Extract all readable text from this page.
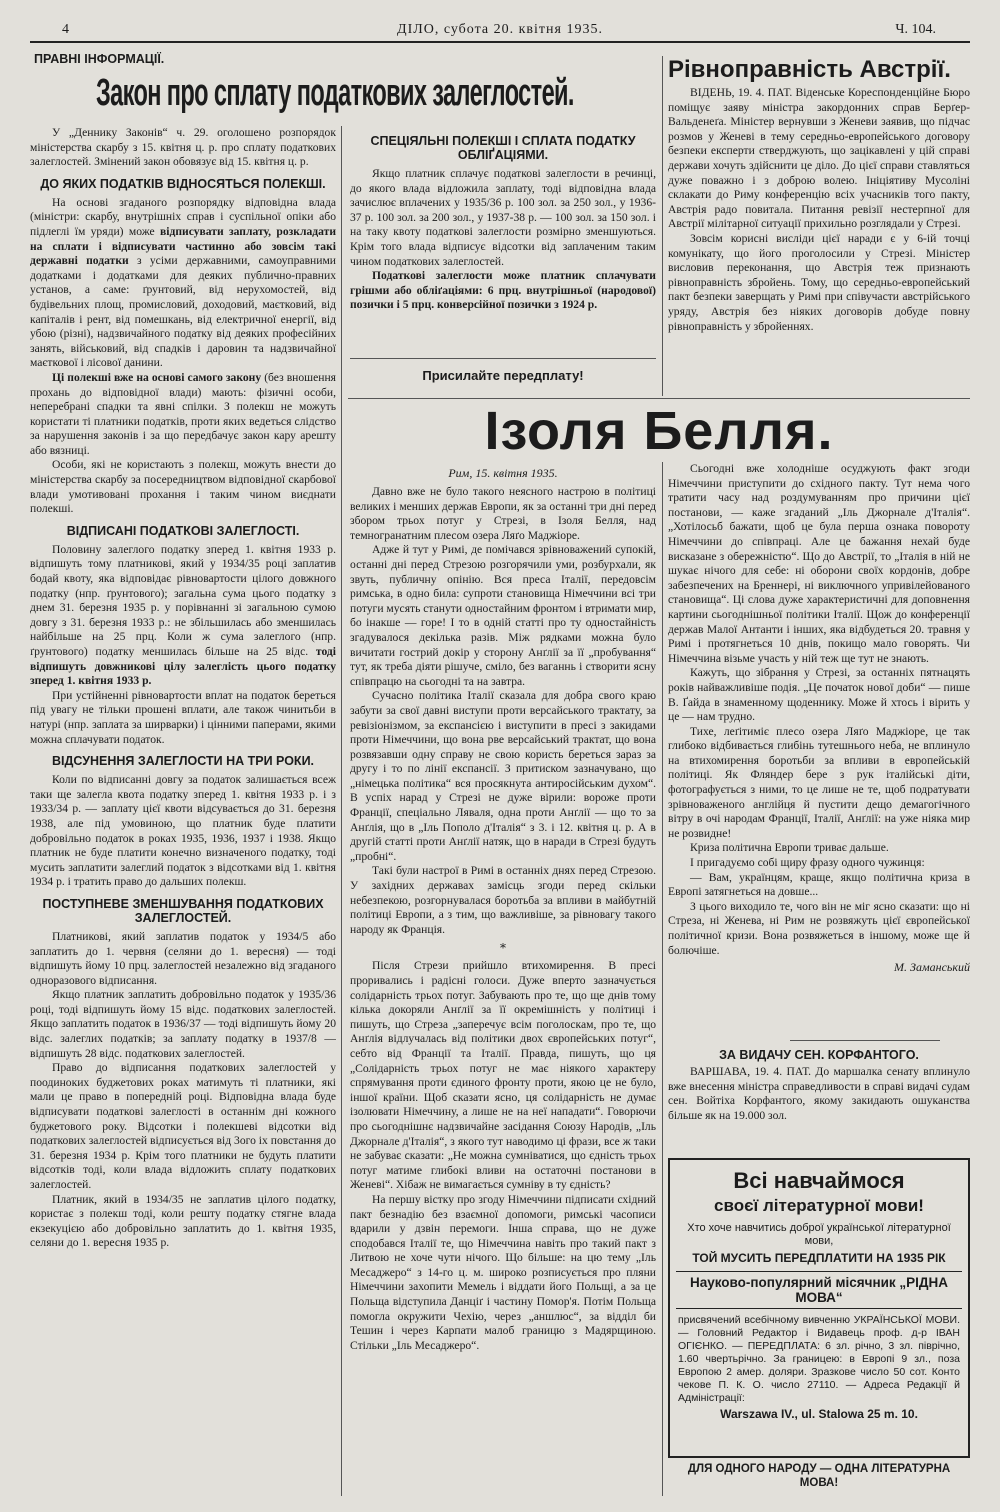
4	ДІЛО, субота 20. квітня 1935.	Ч. 104.
ПРАВНІ ІНФОРМАЦІЇ.
Закон про сплату податкових залеглостей.

У „Деннику Законів“ ч. 29. оголошено розпорядок міністерства скарбу з 15. квітня ц. р. про сплату податкових залеглостей. Змінений закон обовязує від 15. квітня ц. р.

ДО ЯКИХ ПОДАТКІВ ВІДНОСЯТЬСЯ ПОЛЕКШІ.

На основі згаданого розпорядку відповідна влада (міністри: скарбу, внутрішніх справ і суспільної опіки або підлеглі їм уряди) може відписувати заплату, розкладати на сплати і відписувати частинно або зовсім такі державні податки з усіми державними, самоуправними додатками і додатками для деяких публично-правних установ, а саме: ґрунтовий, від нерухомостей, від будівельних площ, промисловий, доходовий, маєтковий, від капіталів і рент, від помешкань, від електричної енергії, від убою (різні), надзвичайного податку від деяких професійних занять, військовий, від спадків і даровин та надзвичайної маєткової і лісової данини.

Ці полекші вже на основі самого закону (без вношення прохань до відповідної влади) мають: фізичні особи, неперебрані спадки та явні спілки. З полекш не можуть користати ті платники податків, проти яких ведеться слідство за нарушення законів і за що передбачує закон кару арешту або вязниці.

Особи, які не користають з полекш, можуть внести до міністерства скарбу за посередництвом відповідної скарбової влади умотивовані прохання і таким чином виєднати полекші.

ВІДПИСАНІ ПОДАТКОВІ ЗАЛЕГЛОСТІ.

Половину залеглого податку зперед 1. квітня 1933 р. відпишуть тому платникові, який у 1934/35 році заплатив бодай квоту, яка відповідає рівновартости цілого довжного податку (нпр. ґрунтового); загальна сума цього податку з днем 31. березня 1935 р. у порівнанні зі загальною сумою довгу з 31. березня 1933 р.: не збільшилась або зменшилась найбільше на 25 прц. Коли ж сума залеглого (нпр. ґрунтового) податку меншилась більше на 25 відс. тоді відпишуть довжникові цілу залеглість цього податку зперед 1. квітня 1933 р.

При устійненні рівновартости вплат на податок береться під увагу не тільки прошені вплати, але також чинитьби в натурі (нпр. заплата за ширварки) і цінними паперами, якими можна сплачувати податок.

ВІДСУНЕННЯ ЗАЛЕГЛОСТИ НА ТРИ РОКИ.

Коли по відписанні довгу за податок залишається всеж таки ще залегла квота податку зперед 1. квітня 1933 р. і з 1933/34 р. — заплату цієї квоти відсувається до 31. березня 1938, але під умовиною, що платник буде платити добровільно податок в роках 1935, 1936, 1937 і 1938. Якщо платник не буде платити конечно визначеного податку, тоді мусить заплатити залеглий податок з відсотками від 1. квітня 1934 р. і тратить право до дальших полекш.

ПОСТУПНЕВЕ ЗМЕНШУВАННЯ ПОДАТКОВИХ ЗАЛЕГЛОСТЕЙ.

Платникові, який заплатив податок у 1934/5 або заплатить до 1. червня (селяни до 1. вересня) — тоді відпишуть йому 10 прц. залеглостей незалежно від згаданого одноразового відписання.

Якщо платник заплатить добровільно податок у 1935/36 році, тоді відпишуть йому 15 відс. податкових залеглостей. Якщо заплатить податок в 1936/37 — тоді відпишуть йому 20 відс. залеглих податків; за заплату податку в 1937/8 — відпишуть 28 відс. податкових залеглостей.

Право до відписання податкових залеглостей у поодиноких буджетових роках матимуть ті платники, які мали це право в попередній році. Відповідна влада буде відписувати податкові залеглості в останнім дні кожного буджетового року. Відсотки і полекшеві відсотки від податкових залеглостей відписується від 3ого іх повстання до 31. березня 1934 р. Крім того платники не будуть платити відсотків тоді, коли влада вiдложить сплату податкових залеглостей.

Платник, який в 1934/35 не заплатив цілого податку, користає з полекш тоді, коли решту податку стягне влада екзекуцією або добровільно заплатить до 1. квітня 1935, селяни до 1. вересня 1935 р.

СПЕЦІЯЛЬНІ ПОЛЕКШІ І СПЛАТА ПОДАТКУ ОБЛІҐАЦІЯМИ.

Якщо платник сплачує податкові залеглости в речинці, до якого влада відложила заплату, тоді відповідна влада зачислює вплачених у 1935/36 р. 100 зол. за 250 зол., у 1936-37 р. 100 зол. за 200 зол., у 1937-38 р. — 100 зол. за 150 зол. і на таку квоту податкові залеглости розмірно зменшуються. Крім того влада відписує відсотки від заплаченим таким чином податкових залеглостей.

Податкові залеглости може платник сплачувати грішми або обліґаціями: 6 прц. внутрішньої (народової) позички і 5 прц. конверсійної позички з 1924 р.

Присилайте передплату!
Рівноправність Австрії.

ВІДЕНЬ, 19. 4. ПАТ. Віденське Кореспонденційне Бюро поміщує заяву міністра закордонних справ Берґер-Вальденеґа. Міністер вернувши з Женеви заявив, що підчас розмов у Женеві в тему середньо-европейського договору безпеки експерти стверджують, що зацікавлені у цій справі держави хочуть здійснити це діло. До цієї справи ставляться дуже поважно і з доброю волею. Ініціятиву Мусоліні склакати до Риму конференцію всіх учасників того пакту, Австрія радо повитала. Питання ревізії нестерпної для Австрії мілітарної ситуації прихильно розглядали у Стрезі.

Зовсім корисні висліди цієї наради є у 6-ій точці комунікату, що його проголосили у Стрезі. Міністер висловив переконання, що Австрія теж признають рівноправність збройень. Тому, що середньо-европейський пакт безпеки заверщать у Римі при співучасти австрійського уряду, Австрія без ніяких договорів добуде повну рівноправність у збройеннях.

Ізоля Белля.
Рим, 15. квітня 1935.

Давно вже не було такого неясного настрою в політиці великих і менших держав Европи, як за останні три дні перед збором трьох потуг у Стрезі, в Ізоля Белля, над темногранатним плесом озера Ляґо Маджіоре.

Адже й тут у Римі, де помічався зрівноважений супокій, останні дні перед Стрезою розгорячили уми, розбурхали, як звуть, публичну опінію. Вся преса Італії, передовсім римська, в одно била: супроти становища Німеччини всі три потуги мусять станути одностайним фронтом і втримати мир, бо інакше — горе! І то в одній статті про ту одностайність згадувалося декілька разів. Між рядками можна було вичитати гострий докір у сторону Анґлії за її „пробування“ тут, як треба діяти рішуче, сміло, без ваганнь і створити ясну співпрацю на сьогодні та на завтра.

Сучасно політика Італії сказала для добра свого краю забути за свої давні виступи проти версайського трактату, за ревізіонізмом, за експансією і виступити в пресі з закидами проти Німеччини, що вона рве версайський трактат, що вона розвязавши одну справу не свою користь береться зараз за другу і то по лінії експансії. З притиском зазначувано, що „німецька політика“ вся просякнута антиросійським духом“. В успіх нарад у Стрезі не дуже вірили: вороже проти Франції, спеціально Ляваля, одна проти Анґлії — що то за Анґлія, що в „Іль Пополо д'Італія“ з 3. і 12. квітня ц. р. А в другій статті проти Анґлії натяк, що в наради в Стрезі будуть „пробні“.

Такі були настрої в Римі в останніх днях перед Стрезою. У західних державах замісць згоди перед скільки небезпекою, розгорнувалася боротьба за впливи в майбутній політиці Европи, а з тим, що важливіше, за рівновагу такого народу як Франція.

*

Після Стрези прийшло втихомирення. В пресі проривались і радісні голоси. Дуже вперто зазначується солідарність трьох потуг. Забувають про те, що ще днів тому кілька докоряли Анґлії за її окремішність у політиці і пишуть, що Стреза „заперечує всім поголоскам, про те, що Анґлія відлучалась від політики двох європейських потуг“, себто від Франції та Італії. Правда, пишуть, що ця „Солідарність трьох потуг не має ніякого характеру спрямування проти єдиного фронту проти, якою це не було, іншої країни. Щоб сказати ясно, ця солідарність не думає ізолювати Німеччину, а лише не на неї нападати“. Говорючи про сьогоднішнє надзвичайне засідання Союзу Народів, „Іль Джорнале д'Італія“, з якого тут наводимо ці фрази, все ж таки не забуває сказати: „Не можна сумніватися, що єдність трьох потуг матиме глибокі вливи на остаточні постанови в Женеві“. Хібаж не вимагається сумніву в ту єдність?

На першу вістку про згоду Німеччини підписати східний пакт безнадію без взаємної допомоги, римські часописи вдарили у дзвін перемоги. Інша справа, що не дуже сподобався Італії те, що Німеччина навіть про такий пакт з Литвою не хоче чути нічого. Що більше: на цю тему „Іль Месаджеро“ з 14-го ц. м. широко розписується про пляни Німеччини захопити Мемель і віддати його Польщі, а за це Польща відступила Данціґ і частину Помор'я. Потім Польща помогла окружити Чехію, через „аншлюс“, за відділ би Тешин і через Карпати малоб границю з Мадярщиною. Стільки „Іль Месаджеро“.

Сьогодні вже холодніше осуджують факт згоди Німеччини приступити до східного пакту. Тут нема чого тратити часу над роздумуванням про причини цієї постанови, — каже згаданий „Іль Джорнале д'Італія“. „Хотілосьб бажати, щоб це була перша ознака повороту Німеччини до співпраці. Але це бажання нехай буде висказане з обережністю“. Що до Австрії, то „Італія в ній не шукає нічого для себе: ні оборони своїх кордонів, добре забезпечених на Бреннері, ні виключного упривілейованого становища“. Ці слова дуже характеристичні для доповнення картини сьогоднішньої політики Італії. Щож до конференції держав Малої Антанти і інших, яка відбудеться 20. травня у Римі і протягнеться 10 днів, покищо мало говорять. Чи Німеччина візьме участь у ній теж ще тут не знають.

Кажуть, що зібрання у Стрезі, за останніх пятнацять років найважливіше подія. „Це початок нової доби“ — пише В. Ґайда в знаменному щоденнику. Може й хтось і вірить у це — нам трудно.

Тихе, леґітиміє плесо озера Ляґо Маджіоре, це так глибоко відбивається глибінь тутешнього неба, не вплинуло на втихомирення боротьби за впливи в европейській політиці. Як Фляндер бере з рук італійські діти, фотографується з ними, то це лише не те, щоб подратувати зрівноваженого англійця й пустити дещо демагогічного вітру в очі народам Франції, Італії, Анґлії: на уже ніяка мир не розвидне!

Криза політична Европи триває дальше.

І пригадуємо собі щиру фразу одного чужинця:

— Вам, українцям, краще, якщо політична криза в Европі затягнеться на довше...

З цього виходило те, чого він не міг ясно сказати: що ні Стреза, ні Женева, ні Рим не розвяжуть цієї європейської політичної кризи. Вона розвяжеться в іншому, може ще й болючіше.

М. Заманський
ЗА ВИДАЧУ СЕН. КОРФАНТОГО.

ВАРШАВА, 19. 4. ПАТ. До маршалка сенату вплинуло вже внесення міністра справедливости в справі видачі судам сен. Войтіха Корфантого, якому закидають ошуканства більше як на 19.000 зол.

Всі навчаймося
своєї літературної мови!
Хто хоче навчитись доброї української літературної мови,
ТОЙ МУСИТЬ ПЕРЕДПЛАТИТИ НА 1935 РІК
Науково-популярний місячник „РІДНА МОВА“
присвячений всебічному вивченню УКРАЇНСЬКОЇ МОВИ. — Головний Редактор і Видавець проф. д-р ІВАН ОГІЄНКО. — ПЕРЕДПЛАТА: 6 зл. річно, 3 зл. піврічно, 1.60 чвертьрічно. За границею: в Европі 9 зл., поза Европою 2 амер. доляри. Зразкове число 50 сот. Конто чекове П. К. О. число 27110. — Адреса Редакції й Адміністрації:
Warszawa IV., ul. Stalowa 25 m. 10.
ДЛЯ ОДНОГО НАРОДУ — ОДНА ЛІТЕРАТУРНА МОВА!
